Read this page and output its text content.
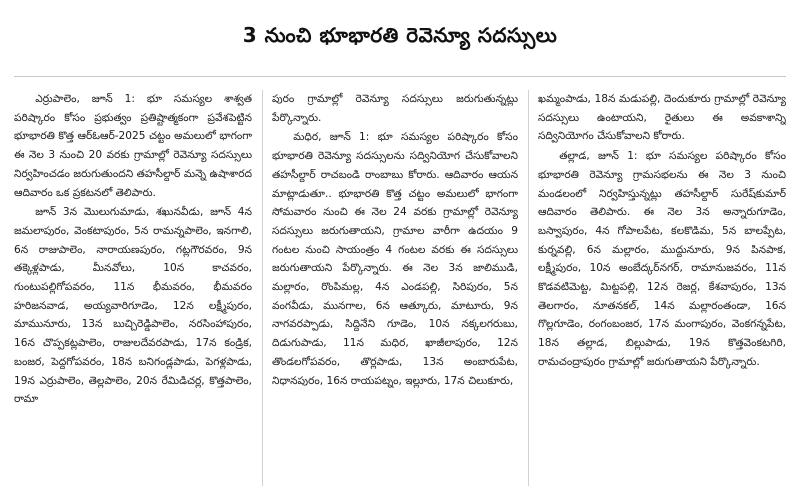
3 నుంచి భూభారతి రెవెన్యూ సదస్సులు

ఎర్రుపాలెం, జూన్ 1: భూ సమస్యల శాశ్వత పరిష్కారం కోసం ప్రభుత్వం ప్రతిష్టాత్మకంగా ప్రవేశపెట్టిన భూభారతి కొత్త ఆర్ఓఆర్-2025 చట్టం అమలులో భాగంగా ఈ నెల 3 నుంచి 20 వరకు గ్రామాల్లో రెవెన్యూ సదస్సులు నిర్వహించడం జరుగుతుందని తహసీల్దార్ మన్నె ఉషాశారద ఆదివారం ఒక ప్రకటనలో తెలిపారు.

జూన్ 3న మొలుగుమాడు, శఖునవీడు, జూన్ 4న జమలాపురం, వెంకటాపురం, 5న రామన్నపాలెం, ఇనగాలి, 6న రాజుపాలెం, నారాయణపురం, గట్లగౌరవరం, 9న తక్కెళ్లపాడు, మీనవోలు, 10న కాచవరం, గుంటుపల్లిగోపవరం, 11న భీమవరం, భీమవరం హరిజనవాడ, అయ్యవారిగూడెం, 12న లక్ష్మీపురం, మామునూరు, 13న బుచ్చిరెడ్డిపాలెం, నరసింహాపురం, 16న చొప్పకట్లపాలెం, రాజులదేవరపాడు, 17న కండ్రిక, బంజర, పెద్దగోపవరం, 18న బనిగండ్లపాడు, పెగళ్లపాడు, 19న ఎర్రుపాలెం, తెల్లపాలెం, 20న రేమిడిచర్ల, కొత్తపాలెం, రామా

పురం గ్రామాల్లో రెవెన్యూ సదస్సులు జరుగుతున్నట్లు పేర్కొన్నారు.

మధిర, జూన్ 1: భూ సమస్యల పరిష్కారం కోసం భూభారతి రెవెన్యూ సదస్సులను సద్వినియోగ చేసుకోవాలని తహసీల్దార్ రాచబండి రాంబాబు కోరారు. ఆదివారం ఆయన మాట్లాడుతూ.. భూభారతి కొత్త చట్టం అమలులో భాగంగా సోమవారం నుంచి ఈ నెల 24 వరకు గ్రామాల్లో రెవెన్యూ సదస్సులు జరుగుతాయని, గ్రామాల వారీగా ఉదయం 9 గంటల నుంచి సాయంత్రం 4 గంటల వరకు ఈ సదస్సులు జరుగుతాయని పేర్కొన్నారు. ఈ నెల 3న జాలిముడి, మల్లారం, రొంపిమల్ల, 4న ఎండపల్లి, సిరిపురం, 5న వంగవీడు, మునగాల, 6న ఆత్కూరు, మాటూరు, 9న నాగవరప్పాడు, సిద్దినేని గూడెం, 10న నక్కలగరుబు, దిడుగుపాడు, 11న మధిర, ఖాజీలాపురం, 12న తొండలగోపవరం, తొర్లపాడు, 13న అంబారుపేట, నిధానపురం, 16న రాయపట్నం, ఇల్లూరు, 17న చిలుకూరు,

ఖమ్మంపాడు, 18న మడుపల్లి, దెందుకూరు గ్రామాల్లో రెవెన్యూ సదస్సులు ఉంటాయని, రైతులు ఈ అవకాశాన్ని సద్వినియోగం చేసుకోవాలని కోరారు.

తల్లాడ, జూన్ 1: భూ సమస్యల పరిష్కారం కోసం భూభారతి రెవెన్యూ గ్రామసభలను ఈ నెల 3 నుంచి మండలంలో నిర్వహిస్తున్నట్లు తహసీల్దార్ సురేష్‌కుమార్ ఆదివారం తెలిపారు. ఈ నెల 3న అన్నారుగూడెం, బస్వాపురం, 4న గోపాలపేట, కలకొడిమ, 5న బాలప్పేట, కుర్నవల్లి, 6న మల్లారం, ముద్దునూరు, 9న పినపాక, లక్ష్మీపురం, 10న అంబేద్కర్‌నగర్, రామానుజవరం, 11న కొడవటిమెట్ట, మిట్టపల్లి, 12న రెజర్ల, కేశవాపురం, 13న తెలగారం, నూతనకల్, 14న మల్లారంతండా, 16న గొల్లగూడెం, రంగంబంజర, 17న మంగాపురం, వెంకగన్నపేట, 18న తల్లాడ, బిల్లుపాడు, 19న కొత్తవెంకటగిరి, రామచంద్రాపురం గ్రామాల్లో జరుగుతాయని పేర్కొన్నారు.
